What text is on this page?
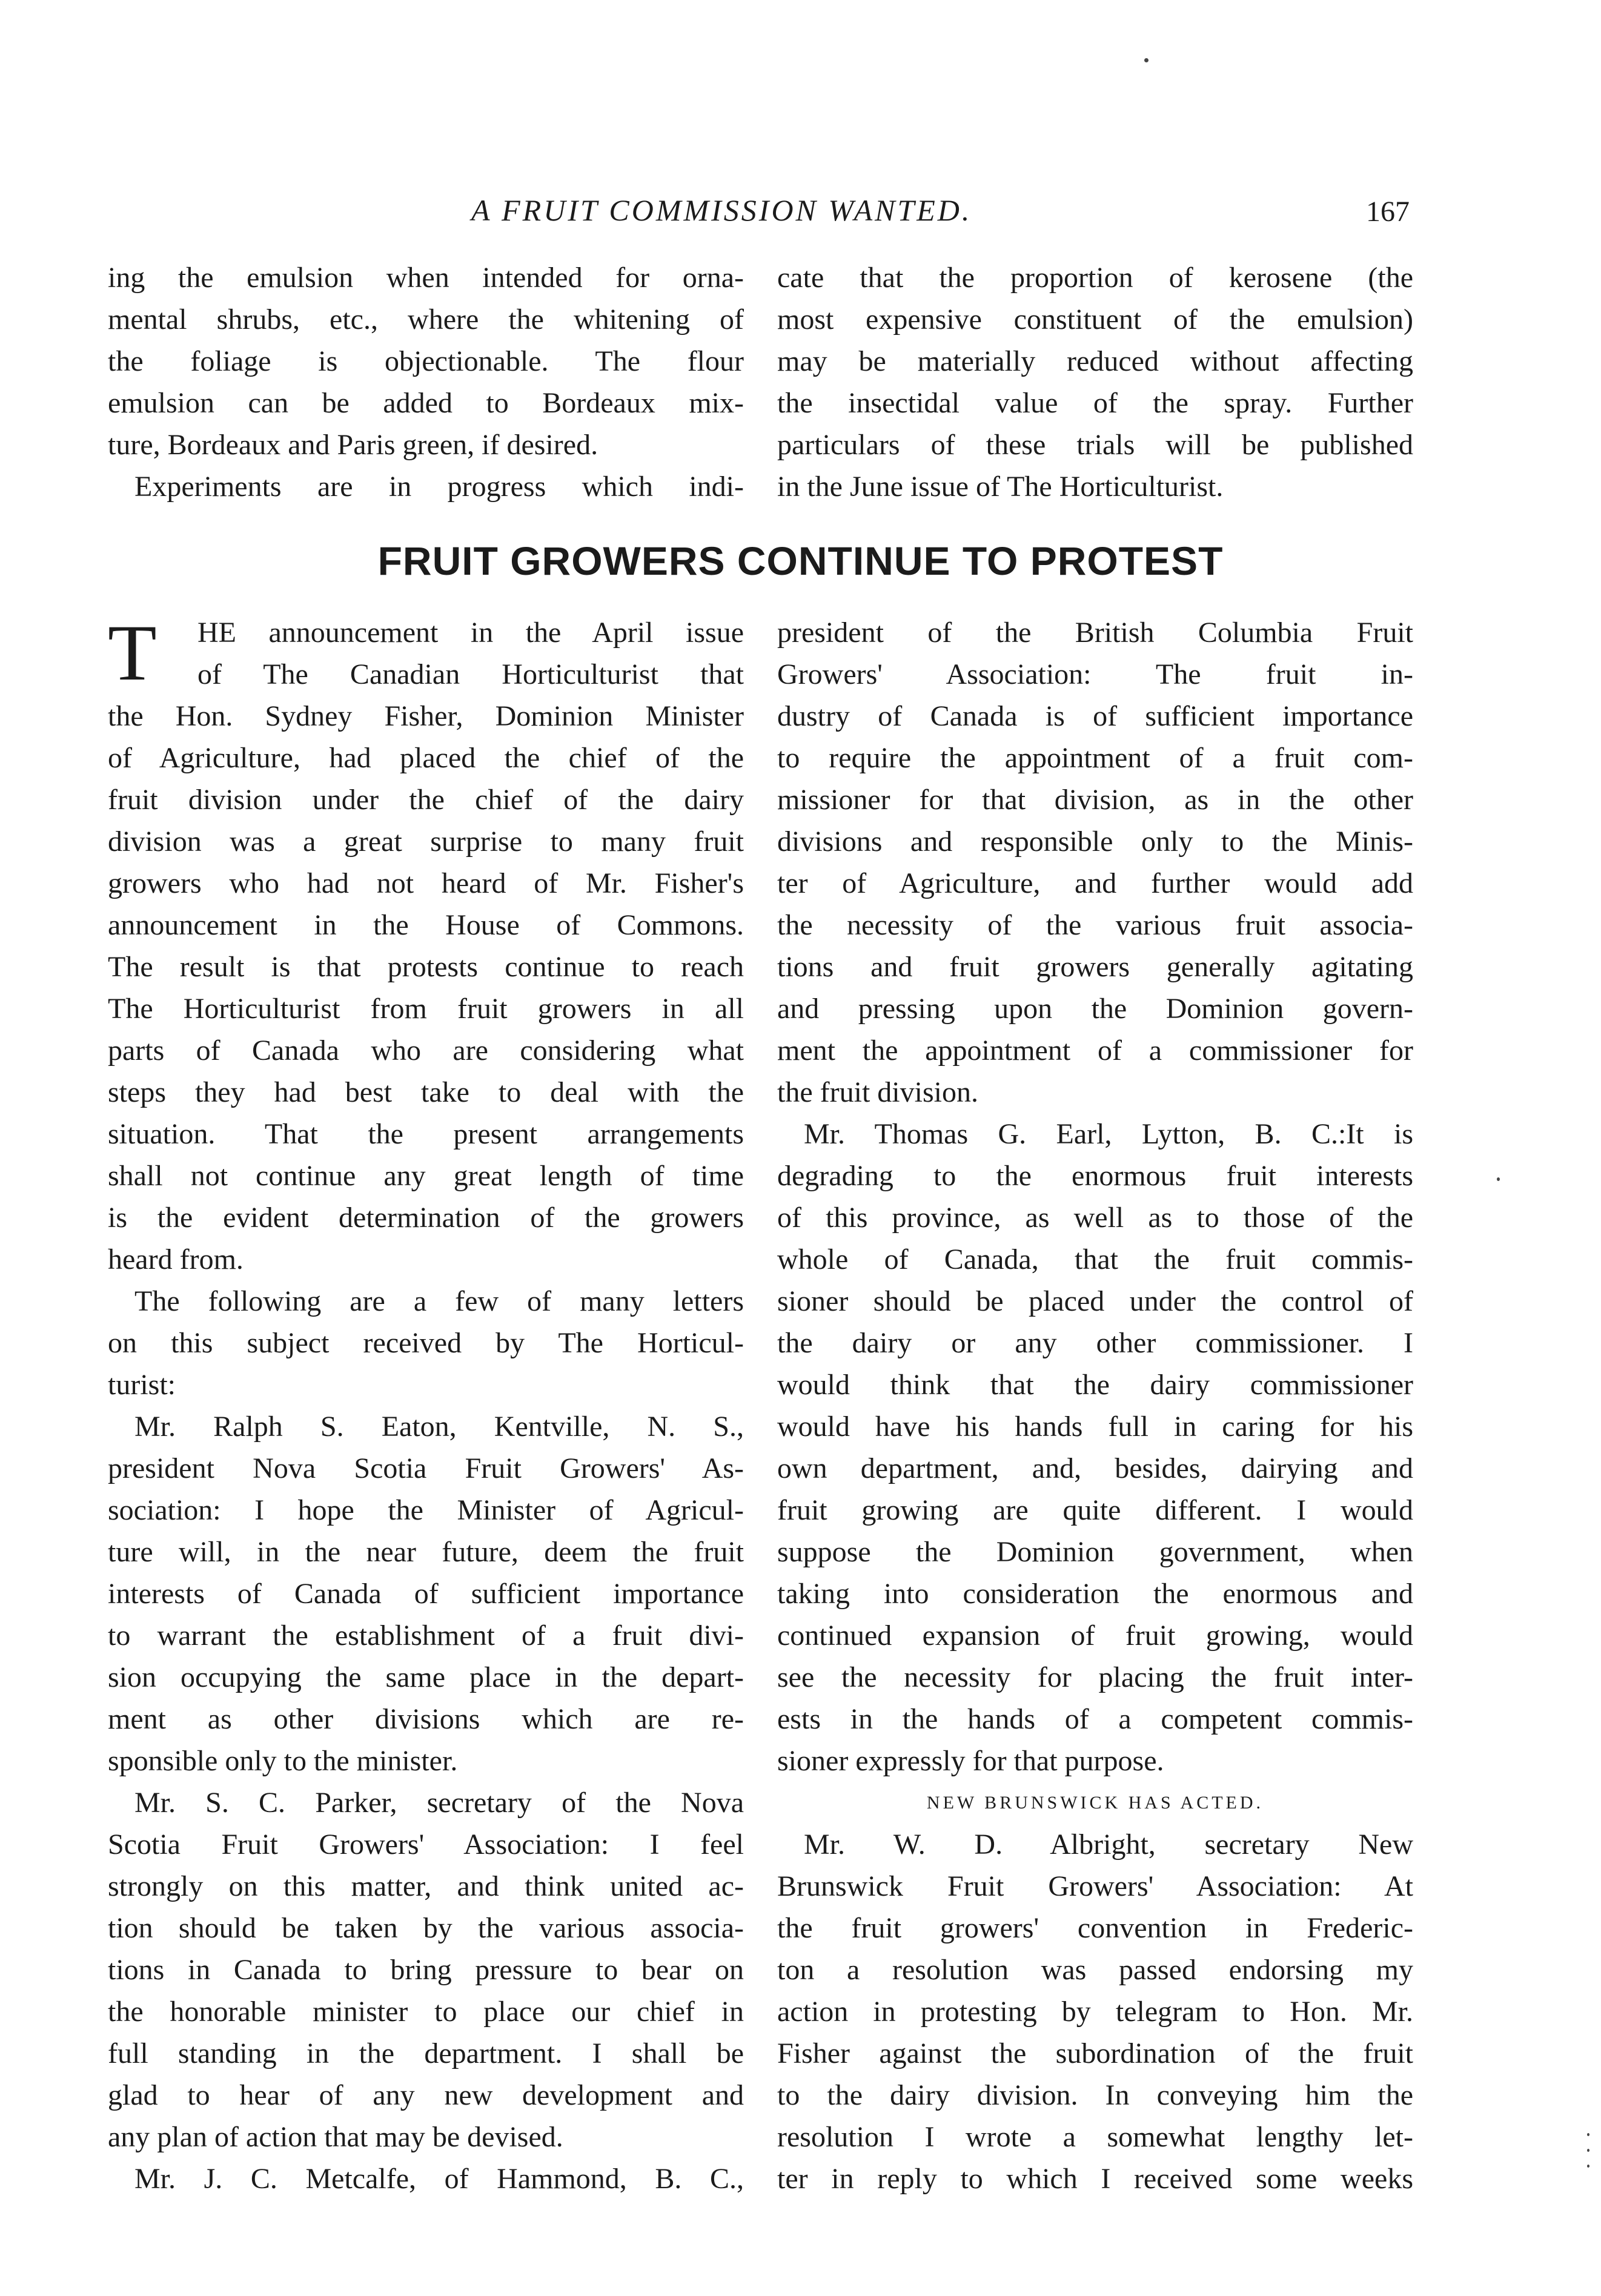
A FRUIT COMMISSION WANTED.	167
ing the emulsion when intended for orna-
mental shrubs, etc., where the whitening of
the foliage is objectionable. The flour
emulsion can be added to Bordeaux mix-
ture, Bordeaux and Paris green, if desired.
Experiments are in progress which indi-
cate that the proportion of kerosene (the
most expensive constituent of the emulsion)
may be materially reduced without affecting
the insectidal value of the spray. Further
particulars of these trials will be published
in the June issue of The Horticulturist.
FRUIT GROWERS CONTINUE TO PROTEST
T	HE announcement in the April issue
of The Canadian Horticulturist that
the Hon. Sydney Fisher, Dominion Minister
of Agriculture, had placed the chief of the
fruit division under the chief of the dairy
division was a great surprise to many fruit
growers who had not heard of Mr. Fisher's
announcement in the House of Commons.
The result is that protests continue to reach
The Horticulturist from fruit growers in all
parts of Canada who are considering what
steps they had best take to deal with the
situation. That the present arrangements
shall not continue any great length of time
is the evident determination of the growers
heard from.
The following are a few of many letters
on this subject received by The Horticul-
turist:
Mr. Ralph S. Eaton, Kentville, N. S.,
president Nova Scotia Fruit Growers' As-
sociation: I hope the Minister of Agricul-
ture will, in the near future, deem the fruit
interests of Canada of sufficient importance
to warrant the establishment of a fruit divi-
sion occupying the same place in the depart-
ment as other divisions which are re-
sponsible only to the minister.
Mr. S. C. Parker, secretary of the Nova
Scotia Fruit Growers' Association: I feel
strongly on this matter, and think united ac-
tion should be taken by the various associa-
tions in Canada to bring pressure to bear on
the honorable minister to place our chief in
full standing in the department. I shall be
glad to hear of any new development and
any plan of action that may be devised.
Mr. J. C. Metcalfe, of Hammond, B. C.,
president of the British Columbia Fruit
Growers' Association: The fruit in-
dustry of Canada is of sufficient importance
to require the appointment of a fruit com-
missioner for that division, as in the other
divisions and responsible only to the Minis-
ter of Agriculture, and further would add
the necessity of the various fruit associa-
tions and fruit growers generally agitating
and pressing upon the Dominion govern-
ment the appointment of a commissioner for
the fruit division.
Mr. Thomas G. Earl, Lytton, B. C.:It is
degrading to the enormous fruit interests
of this province, as well as to those of the
whole of Canada, that the fruit commis-
sioner should be placed under the control of
the dairy or any other commissioner. I
would think that the dairy commissioner
would have his hands full in caring for his
own department, and, besides, dairying and
fruit growing are quite different. I would
suppose the Dominion government, when
taking into consideration the enormous and
continued expansion of fruit growing, would
see the necessity for placing the fruit inter-
ests in the hands of a competent commis-
sioner expressly for that purpose.
NEW BRUNSWICK HAS ACTED.
Mr. W. D. Albright, secretary New
Brunswick Fruit Growers' Association: At
the fruit growers' convention in Frederic-
ton a resolution was passed endorsing my
action in protesting by telegram to Hon. Mr.
Fisher against the subordination of the fruit
to the dairy division. In conveying him the
resolution I wrote a somewhat lengthy let-
ter in reply to which I received some weeks
